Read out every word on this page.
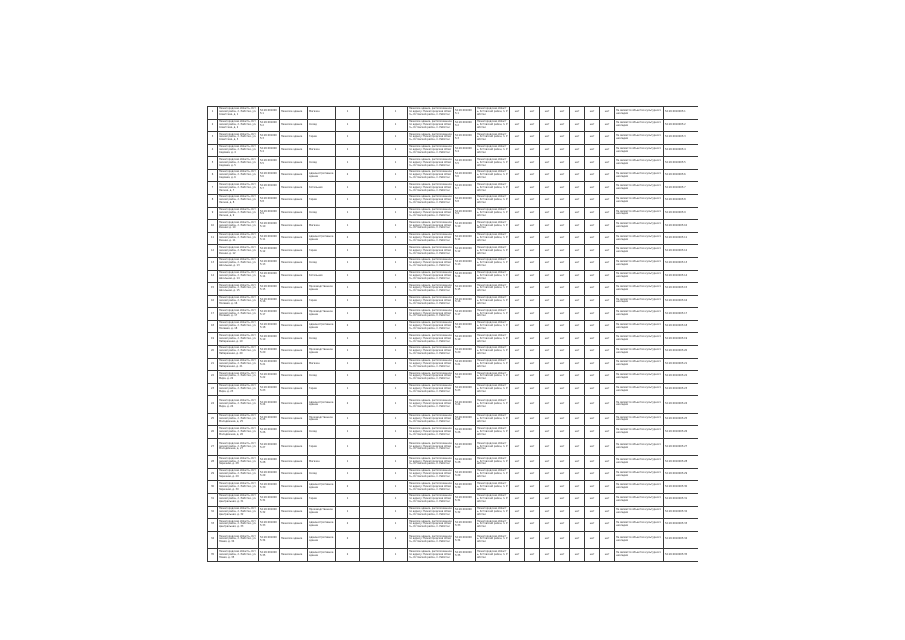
1	Нижегородская область, Кстовский район, п. Работки, ул. Советская, д. 1	52:26:0010005:1	Нежилое здание	Магазин	1		1	Нежилое здание, расположенное по адресу: Нижегородская область, Кстовский район, п. Работки	52:26:0010005:1	Нижегородская область, Кстовский район, п. Работки	нет	нет	нет	нет	нет	нет	нет	Не является объектом культурного наследия	52:26:0010005:1
2	Нижегородская область, Кстовский район, п. Работки, ул. Советская, д. 2	52:26:0010005:2	Нежилое здание	Склад	1		1	Нежилое здание, расположенное по адресу: Нижегородская область, Кстовский район, п. Работки	52:26:0010005:2	Нижегородская область, Кстовский район, п. Работки	нет	нет	нет	нет	нет	нет	нет	Не является объектом культурного наследия	52:26:0010005:2
3	Нижегородская область, Кстовский район, п. Работки, ул. Советская, д. 3	52:26:0010005:3	Нежилое здание	Гараж	1		1	Нежилое здание, расположенное по адресу: Нижегородская область, Кстовский район, п. Работки	52:26:0010005:3	Нижегородская область, Кстовский район, п. Работки	нет	нет	нет	нет	нет	нет	нет	Не является объектом культурного наследия	52:26:0010005:3
4	Нижегородская область, Кстовский район, п. Работки, ул. Садовая, д. 4	52:26:0010005:4	Нежилое здание	Магазин	1		1	Нежилое здание, расположенное по адресу: Нижегородская область, Кстовский район, п. Работки	52:26:0010005:4	Нижегородская область, Кстовский район, п. Работки	нет	нет	нет	нет	нет	нет	нет	Не является объектом культурного наследия	52:26:0010005:4
5	Нижегородская область, Кстовский район, п. Работки, ул. Садовая, д. 5	52:26:0010005:5	Нежилое здание	Склад	1		1	Нежилое здание, расположенное по адресу: Нижегородская область, Кстовский район, п. Работки	52:26:0010005:5	Нижегородская область, Кстовский район, п. Работки	нет	нет	нет	нет	нет	нет	нет	Не является объектом культурного наследия	52:26:0010005:5
6	Нижегородская область, Кстовский район, п. Работки, ул. Садовая, д. 6	52:26:0010005:6	Нежилое здание	Административное здание	2		1	Нежилое здание, расположенное по адресу: Нижегородская область, Кстовский район, п. Работки	52:26:0010005:6	Нижегородская область, Кстовский район, п. Работки	нет	нет	нет	нет	нет	нет	нет	Не является объектом культурного наследия	52:26:0010005:6
7	Нижегородская область, Кстовский район, п. Работки, ул. Лесная, д. 7	52:26:0010005:7	Нежилое здание	Котельная	1		1	Нежилое здание, расположенное по адресу: Нижегородская область, Кстовский район, п. Работки	52:26:0010005:7	Нижегородская область, Кстовский район, п. Работки	нет	нет	нет	нет	нет	нет	нет	Не является объектом культурного наследия	52:26:0010005:7
8	Нижегородская область, Кстовский район, п. Работки, ул. Лесная, д. 8	52:26:0010005:8	Нежилое здание	Гараж	1		1	Нежилое здание, расположенное по адресу: Нижегородская область, Кстовский район, п. Работки	52:26:0010005:8	Нижегородская область, Кстовский район, п. Работки	нет	нет	нет	нет	нет	нет	нет	Не является объектом культурного наследия	52:26:0010005:8
9	Нижегородская область, Кстовский район, п. Работки, ул. Лесная, д. 9	52:26:0010005:9	Нежилое здание	Склад	1		1	Нежилое здание, расположенное по адресу: Нижегородская область, Кстовский район, п. Работки	52:26:0010005:9	Нижегородская область, Кстовский район, п. Работки	нет	нет	нет	нет	нет	нет	нет	Не является объектом культурного наследия	52:26:0010005:9
10	Нижегородская область, Кстовский район, п. Работки, ул. Речная, д. 10	52:26:0010005:10	Нежилое здание	Магазин	1		1	Нежилое здание, расположенное по адресу: Нижегородская область, Кстовский район, п. Работки	52:26:0010005:10	Нижегородская область, Кстовский район, п. Работки	нет	нет	нет	нет	нет	нет	нет	Не является объектом культурного наследия	52:26:0010005:10
11	Нижегородская область, Кстовский район, п. Работки, ул. Речная, д. 11	52:26:0010005:11	Нежилое здание	Административное здание	2		1	Нежилое здание, расположенное по адресу: Нижегородская область, Кстовский район, п. Работки	52:26:0010005:11	Нижегородская область, Кстовский район, п. Работки	нет	нет	нет	нет	нет	нет	нет	Не является объектом культурного наследия	52:26:0010005:11
12	Нижегородская область, Кстовский район, п. Работки, ул. Речная, д. 12	52:26:0010005:12	Нежилое здание	Гараж	1		1	Нежилое здание, расположенное по адресу: Нижегородская область, Кстовский район, п. Работки	52:26:0010005:12	Нижегородская область, Кстовский район, п. Работки	нет	нет	нет	нет	нет	нет	нет	Не является объектом культурного наследия	52:26:0010005:12
13	Нижегородская область, Кстовский район, п. Работки, ул. Школьная, д. 13	52:26:0010005:13	Нежилое здание	Склад	1		1	Нежилое здание, расположенное по адресу: Нижегородская область, Кстовский район, п. Работки	52:26:0010005:13	Нижегородская область, Кстовский район, п. Работки	нет	нет	нет	нет	нет	нет	нет	Не является объектом культурного наследия	52:26:0010005:13
14	Нижегородская область, Кстовский район, п. Работки, ул. Школьная, д. 14	52:26:0010005:14	Нежилое здание	Котельная	1		1	Нежилое здание, расположенное по адресу: Нижегородская область, Кстовский район, п. Работки	52:26:0010005:14	Нижегородская область, Кстовский район, п. Работки	нет	нет	нет	нет	нет	нет	нет	Не является объектом культурного наследия	52:26:0010005:14
15	Нижегородская область, Кстовский район, п. Работки, ул. Школьная, д. 15	52:26:0010005:15	Нежилое здание	Производственное здание	1		1	Нежилое здание, расположенное по адресу: Нижегородская область, Кстовский район, п. Работки	52:26:0010005:15	Нижегородская область, Кстовский район, п. Работки	нет	нет	нет	нет	нет	нет	нет	Не является объектом культурного наследия	52:26:0010005:15
16	Нижегородская область, Кстовский район, п. Работки, ул. Полевая, д. 16	52:26:0010005:16	Нежилое здание	Гараж	1		1	Нежилое здание, расположенное по адресу: Нижегородская область, Кстовский район, п. Работки	52:26:0010005:16	Нижегородская область, Кстовский район, п. Работки	нет	нет	нет	нет	нет	нет	нет	Не является объектом культурного наследия	52:26:0010005:16
17	Нижегородская область, Кстовский район, п. Работки, ул. Полевая, д. 17	52:26:0010005:17	Нежилое здание	Производственное здание	1		1	Нежилое здание, расположенное по адресу: Нижегородская область, Кстовский район, п. Работки	52:26:0010005:17	Нижегородская область, Кстовский район, п. Работки	нет	нет	нет	нет	нет	нет	нет	Не является объектом культурного наследия	52:26:0010005:17
18	Нижегородская область, Кстовский район, п. Работки, ул. Полевая, д. 18	52:26:0010005:18	Нежилое здание	Административное здание	2		1	Нежилое здание, расположенное по адресу: Нижегородская область, Кстовский район, п. Работки	52:26:0010005:18	Нижегородская область, Кстовский район, п. Работки	нет	нет	нет	нет	нет	нет	нет	Не является объектом культурного наследия	52:26:0010005:18
19	Нижегородская область, Кстовский район, п. Работки, ул. Набережная, д. 19	52:26:0010005:19	Нежилое здание	Склад	1		1	Нежилое здание, расположенное по адресу: Нижегородская область, Кстовский район, п. Работки	52:26:0010005:19	Нижегородская область, Кстовский район, п. Работки	нет	нет	нет	нет	нет	нет	нет	Не является объектом культурного наследия	52:26:0010005:19
20	Нижегородская область, Кстовский район, п. Работки, ул. Набережная, д. 20	52:26:0010005:20	Нежилое здание	Производственное здание	1		1	Нежилое здание, расположенное по адресу: Нижегородская область, Кстовский район, п. Работки	52:26:0010005:20	Нижегородская область, Кстовский район, п. Работки	нет	нет	нет	нет	нет	нет	нет	Не является объектом культурного наследия	52:26:0010005:20
21	Нижегородская область, Кстовский район, п. Работки, ул. Набережная, д. 21	52:26:0010005:21	Нежилое здание	Магазин	1		1	Нежилое здание, расположенное по адресу: Нижегородская область, Кстовский район, п. Работки	52:26:0010005:21	Нижегородская область, Кстовский район, п. Работки	нет	нет	нет	нет	нет	нет	нет	Не является объектом культурного наследия	52:26:0010005:21
22	Нижегородская область, Кстовский район, п. Работки, ул. Мира, д. 22	52:26:0010005:22	Нежилое здание	Склад	1		1	Нежилое здание, расположенное по адресу: Нижегородская область, Кстовский район, п. Работки	52:26:0010005:22	Нижегородская область, Кстовский район, п. Работки	нет	нет	нет	нет	нет	нет	нет	Не является объектом культурного наследия	52:26:0010005:22
23	Нижегородская область, Кстовский район, п. Работки, ул. Мира, д. 23	52:26:0010005:23	Нежилое здание	Гараж	1		1	Нежилое здание, расположенное по адресу: Нижегородская область, Кстовский район, п. Работки	52:26:0010005:23	Нижегородская область, Кстовский район, п. Работки	нет	нет	нет	нет	нет	нет	нет	Не является объектом культурного наследия	52:26:0010005:23
24	Нижегородская область, Кстовский район, п. Работки, ул. Мира, д. 24	52:26:0010005:24	Нежилое здание	Административное здание	2		1	Нежилое здание, расположенное по адресу: Нижегородская область, Кстовский район, п. Работки	52:26:0010005:24	Нижегородская область, Кстовский район, п. Работки	нет	нет	нет	нет	нет	нет	нет	Не является объектом культурного наследия	52:26:0010005:24
25	Нижегородская область, Кстовский район, п. Работки, ул. Молодёжная, д. 25	52:26:0010005:25	Нежилое здание	Производственное здание	1		1	Нежилое здание, расположенное по адресу: Нижегородская область, Кстовский район, п. Работки	52:26:0010005:25	Нижегородская область, Кстовский район, п. Работки	нет	нет	нет	нет	нет	нет	нет	Не является объектом культурного наследия	52:26:0010005:25
26	Нижегородская область, Кстовский район, п. Работки, ул. Молодёжная, д. 26	52:26:0010005:26	Нежилое здание	Склад	1		1	Нежилое здание, расположенное по адресу: Нижегородская область, Кстовский район, п. Работки	52:26:0010005:26	Нижегородская область, Кстовский район, п. Работки	нет	нет	нет	нет	нет	нет	нет	Не является объектом культурного наследия	52:26:0010005:26
27	Нижегородская область, Кстовский район, п. Работки, ул. Молодёжная, д. 27	52:26:0010005:27	Нежилое здание	Гараж	1		1	Нежилое здание, расположенное по адресу: Нижегородская область, Кстовский район, п. Работки	52:26:0010005:27	Нижегородская область, Кстовский район, п. Работки	нет	нет	нет	нет	нет	нет	нет	Не является объектом культурного наследия	52:26:0010005:27
28	Нижегородская область, Кстовский район, п. Работки, ул. Заречная, д. 28	52:26:0010005:28	Нежилое здание	Магазин	1		1	Нежилое здание, расположенное по адресу: Нижегородская область, Кстовский район, п. Работки	52:26:0010005:28	Нижегородская область, Кстовский район, п. Работки	нет	нет	нет	нет	нет	нет	нет	Не является объектом культурного наследия	52:26:0010005:28
29	Нижегородская область, Кстовский район, п. Работки, ул. Заречная, д. 29	52:26:0010005:29	Нежилое здание	Склад	1		1	Нежилое здание, расположенное по адресу: Нижегородская область, Кстовский район, п. Работки	52:26:0010005:29	Нижегородская область, Кстовский район, п. Работки	нет	нет	нет	нет	нет	нет	нет	Не является объектом культурного наследия	52:26:0010005:29
30	Нижегородская область, Кстовский район, п. Работки, ул. Заречная, д. 30	52:26:0010005:30	Нежилое здание	Административное здание	2		1	Нежилое здание, расположенное по адресу: Нижегородская область, Кстовский район, п. Работки	52:26:0010005:30	Нижегородская область, Кстовский район, п. Работки	нет	нет	нет	нет	нет	нет	нет	Не является объектом культурного наследия	52:26:0010005:30
31	Нижегородская область, Кстовский район, п. Работки, ул. Центральная, д. 31	52:26:0010005:31	Нежилое здание	Гараж	1		1	Нежилое здание, расположенное по адресу: Нижегородская область, Кстовский район, п. Работки	52:26:0010005:31	Нижегородская область, Кстовский район, п. Работки	нет	нет	нет	нет	нет	нет	нет	Не является объектом культурного наследия	52:26:0010005:31
32	Нижегородская область, Кстовский район, п. Работки, ул. Центральная, д. 32	52:26:0010005:32	Нежилое здание	Производственное здание	1		1	Нежилое здание, расположенное по адресу: Нижегородская область, Кстовский район, п. Работки	52:26:0010005:32	Нижегородская область, Кстовский район, п. Работки	нет	нет	нет	нет	нет	нет	нет	Не является объектом культурного наследия	52:26:0010005:32
33	Нижегородская область, Кстовский район, п. Работки, ул. Центральная, д. 33	52:26:0010005:33	Нежилое здание	Административное здание	2		1	Нежилое здание, расположенное по адресу: Нижегородская область, Кстовский район, п. Работки	52:26:0010005:33	Нижегородская область, Кстовский район, п. Работки	нет	нет	нет	нет	нет	нет	нет	Не является объектом культурного наследия	52:26:0010005:33
34	Нижегородская область, Кстовский район, п. Работки, ул. Новая, д. 34	52:26:0010005:34	Нежилое здание	Административное здание	2		1	Нежилое здание, расположенное по адресу: Нижегородская область, Кстовский район, п. Работки	52:26:0010005:34	Нижегородская область, Кстовский район, п. Работки	нет	нет	нет	нет	нет	нет	нет	Не является объектом культурного наследия	52:26:0010005:34
35	Нижегородская область, Кстовский район, п. Работки, ул. Новая, д. 35	52:26:0010005:35	Нежилое здание	Административное здание	2		1	Нежилое здание, расположенное по адресу: Нижегородская область, Кстовский район, п. Работки	52:26:0010005:35	Нижегородская область, Кстовский район, п. Работки	нет	нет	нет	нет	нет	нет	нет	Не является объектом культурного наследия	52:26:0010005:35
